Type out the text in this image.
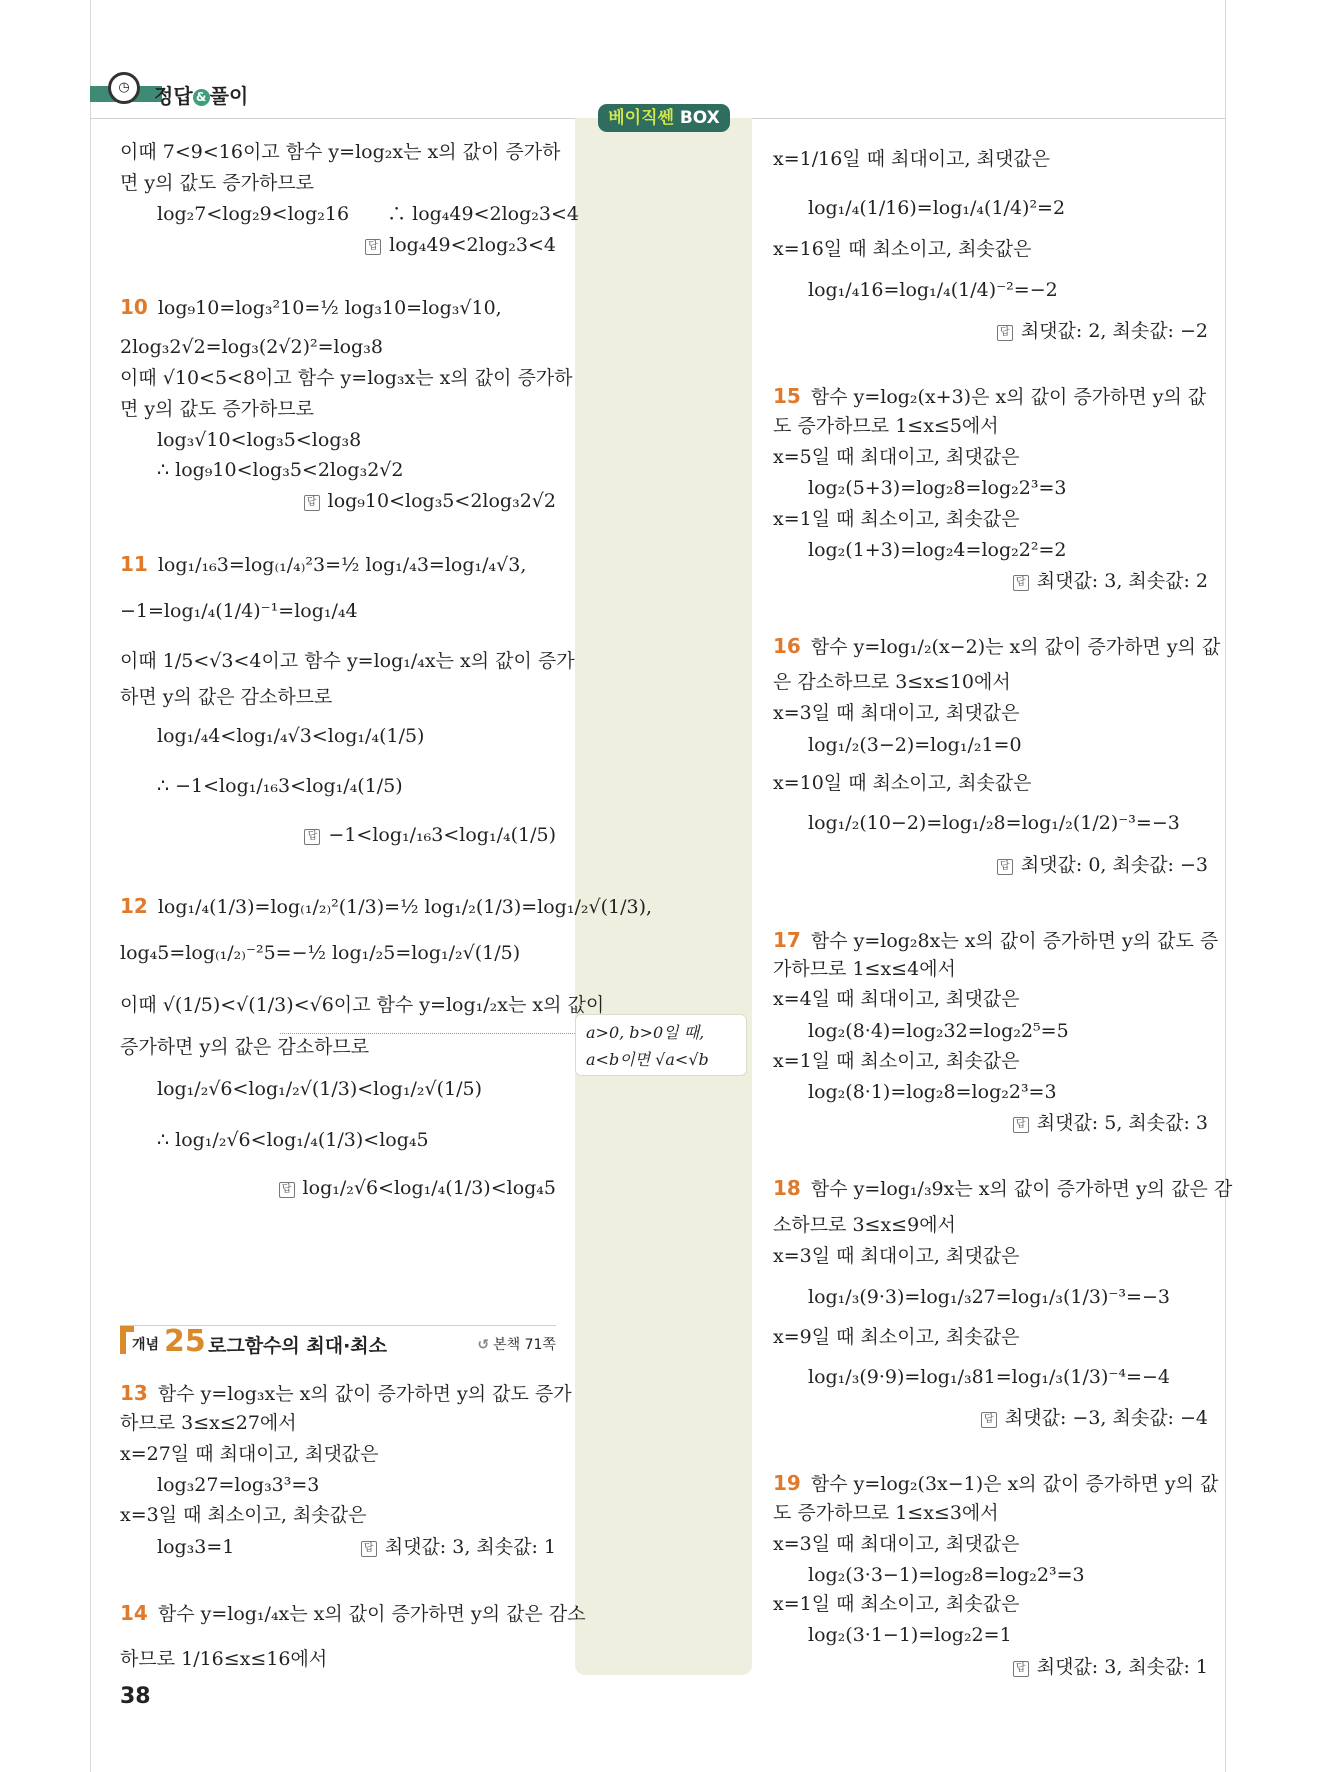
◷	정답 & 풀이
베이직쎈 BOX
a>0, b>0일 때,
a<b이면 √a<√b
개념 25 로그함수의 최대·최소	↺ 본책 71쪽
이때 7<9<16이고 함수 y=log₂x는 x의 값이 증가하
면 y의 값도 증가하므로
log₂7<log₂9<log₂16　　∴ log₄49<2log₂3<4
답 log₄49<2log₂3<4
10 log₉10=log₃²10=½ log₃10=log₃√10,
2log₃2√2=log₃(2√2)²=log₃8
이때 √10<5<8이고 함수 y=log₃x는 x의 값이 증가하
면 y의 값도 증가하므로
log₃√10<log₃5<log₃8
∴ log₉10<log₃5<2log₃2√2
답 log₉10<log₃5<2log₃2√2
11 log₁/₁₆3=log₍₁/₄₎²3=½ log₁/₄3=log₁/₄√3,
−1=log₁/₄(1/4)⁻¹=log₁/₄4
이때 1/5<√3<4이고 함수 y=log₁/₄x는 x의 값이 증가
하면 y의 값은 감소하므로
log₁/₄4<log₁/₄√3<log₁/₄(1/5)
∴ −1<log₁/₁₆3<log₁/₄(1/5)
답 −1<log₁/₁₆3<log₁/₄(1/5)
12 log₁/₄(1/3)=log₍₁/₂₎²(1/3)=½ log₁/₂(1/3)=log₁/₂√(1/3),
log₄5=log₍₁/₂₎⁻²5=−½ log₁/₂5=log₁/₂√(1/5)
이때 √(1/5)<√(1/3)<√6이고 함수 y=log₁/₂x는 x의 값이
증가하면 y의 값은 감소하므로
log₁/₂√6<log₁/₂√(1/3)<log₁/₂√(1/5)
∴ log₁/₂√6<log₁/₄(1/3)<log₄5
답 log₁/₂√6<log₁/₄(1/3)<log₄5
13 함수 y=log₃x는 x의 값이 증가하면 y의 값도 증가
하므로 3≤x≤27에서
x=27일 때 최대이고, 최댓값은
log₃27=log₃3³=3
x=3일 때 최소이고, 최솟값은
log₃3=1	답 최댓값: 3, 최솟값: 1
14 함수 y=log₁/₄x는 x의 값이 증가하면 y의 값은 감소
하므로 1/16≤x≤16에서
x=1/16일 때 최대이고, 최댓값은
log₁/₄(1/16)=log₁/₄(1/4)²=2
x=16일 때 최소이고, 최솟값은
log₁/₄16=log₁/₄(1/4)⁻²=−2
답 최댓값: 2, 최솟값: −2
15 함수 y=log₂(x+3)은 x의 값이 증가하면 y의 값
도 증가하므로 1≤x≤5에서
x=5일 때 최대이고, 최댓값은
log₂(5+3)=log₂8=log₂2³=3
x=1일 때 최소이고, 최솟값은
log₂(1+3)=log₂4=log₂2²=2
답 최댓값: 3, 최솟값: 2
16 함수 y=log₁/₂(x−2)는 x의 값이 증가하면 y의 값
은 감소하므로 3≤x≤10에서
x=3일 때 최대이고, 최댓값은
log₁/₂(3−2)=log₁/₂1=0
x=10일 때 최소이고, 최솟값은
log₁/₂(10−2)=log₁/₂8=log₁/₂(1/2)⁻³=−3
답 최댓값: 0, 최솟값: −3
17 함수 y=log₂8x는 x의 값이 증가하면 y의 값도 증
가하므로 1≤x≤4에서
x=4일 때 최대이고, 최댓값은
log₂(8·4)=log₂32=log₂2⁵=5
x=1일 때 최소이고, 최솟값은
log₂(8·1)=log₂8=log₂2³=3
답 최댓값: 5, 최솟값: 3
18 함수 y=log₁/₃9x는 x의 값이 증가하면 y의 값은 감
소하므로 3≤x≤9에서
x=3일 때 최대이고, 최댓값은
log₁/₃(9·3)=log₁/₃27=log₁/₃(1/3)⁻³=−3
x=9일 때 최소이고, 최솟값은
log₁/₃(9·9)=log₁/₃81=log₁/₃(1/3)⁻⁴=−4
답 최댓값: −3, 최솟값: −4
19 함수 y=log₂(3x−1)은 x의 값이 증가하면 y의 값
도 증가하므로 1≤x≤3에서
x=3일 때 최대이고, 최댓값은
log₂(3·3−1)=log₂8=log₂2³=3
x=1일 때 최소이고, 최솟값은
log₂(3·1−1)=log₂2=1
답 최댓값: 3, 최솟값: 1
38
